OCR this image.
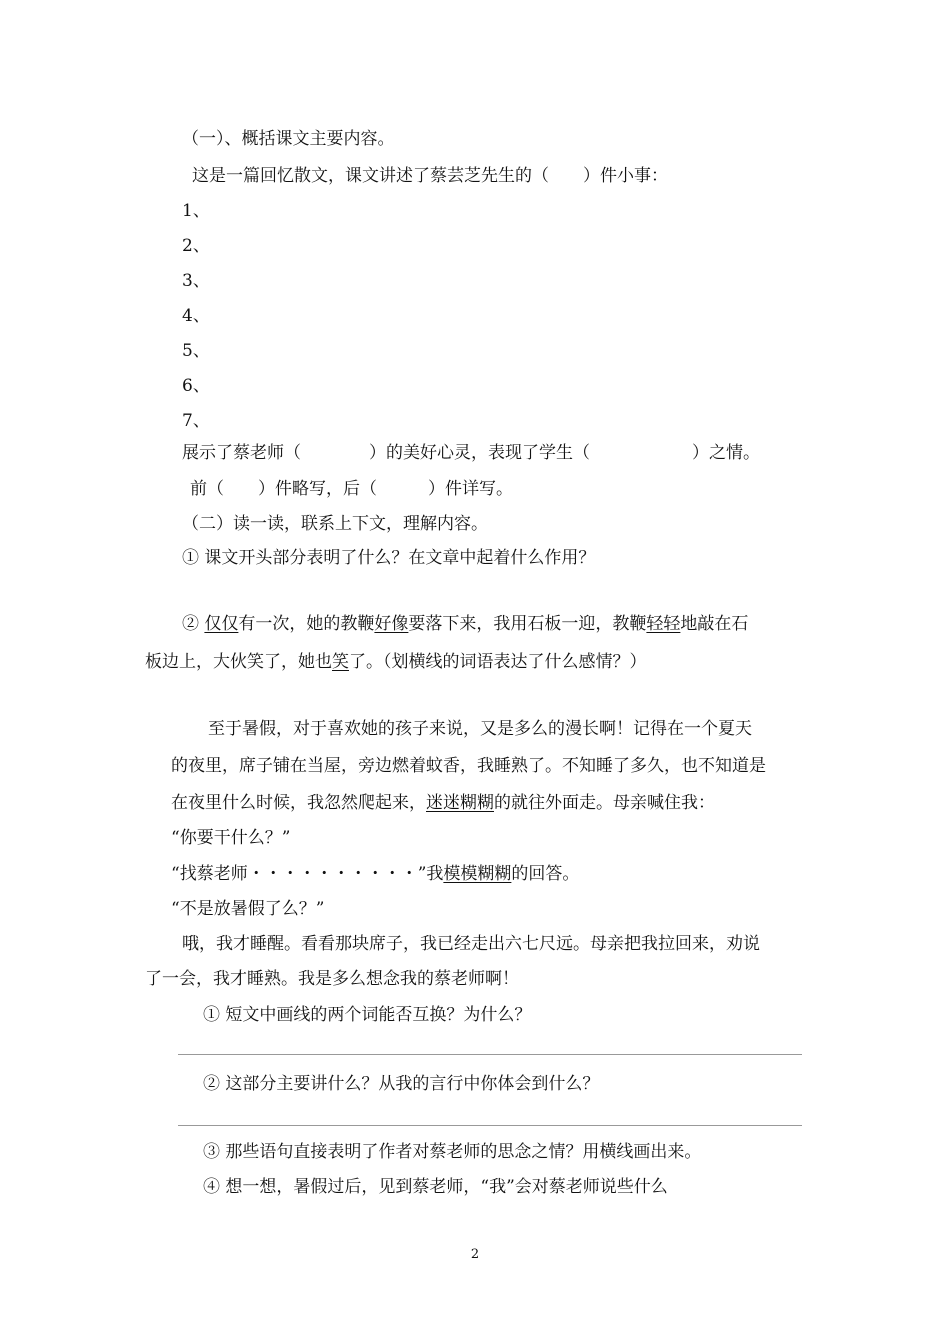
（一）、概括课文主要内容。
这是一篇回忆散文，课文讲述了蔡芸芝先生的（　　）件小事：
1、
2、
3、
4、
5、
6、
7、
展示了蔡老师（　　　　）的美好心灵，表现了学生（　　　　　　）之情。
前（　　）件略写，后（　　　）件详写。
（二）读一读，联系上下文，理解内容。
① 课文开头部分表明了什么？在文章中起着什么作用？
② 仅仅有一次，她的教鞭好像要落下来，我用石板一迎，教鞭轻轻地敲在石
板边上，大伙笑了，她也笑了。（划横线的词语表达了什么感情？）
至于暑假，对于喜欢她的孩子来说，又是多么的漫长啊！记得在一个夏天
的夜里，席子铺在当屋，旁边燃着蚊香，我睡熟了。不知睡了多久，也不知道是
在夜里什么时候，我忽然爬起来，迷迷糊糊的就往外面走。母亲喊住我：
“你要干什么？”
“找蔡老师・・・・・・・・・・”我模模糊糊的回答。
“不是放暑假了么？”
哦，我才睡醒。看看那块席子，我已经走出六七尺远。母亲把我拉回来，劝说
了一会，我才睡熟。我是多么想念我的蔡老师啊！
① 短文中画线的两个词能否互换？为什么？
② 这部分主要讲什么？从我的言行中你体会到什么？
③ 那些语句直接表明了作者对蔡老师的思念之情？用横线画出来。
④ 想一想，暑假过后，见到蔡老师，“我”会对蔡老师说些什么
2
